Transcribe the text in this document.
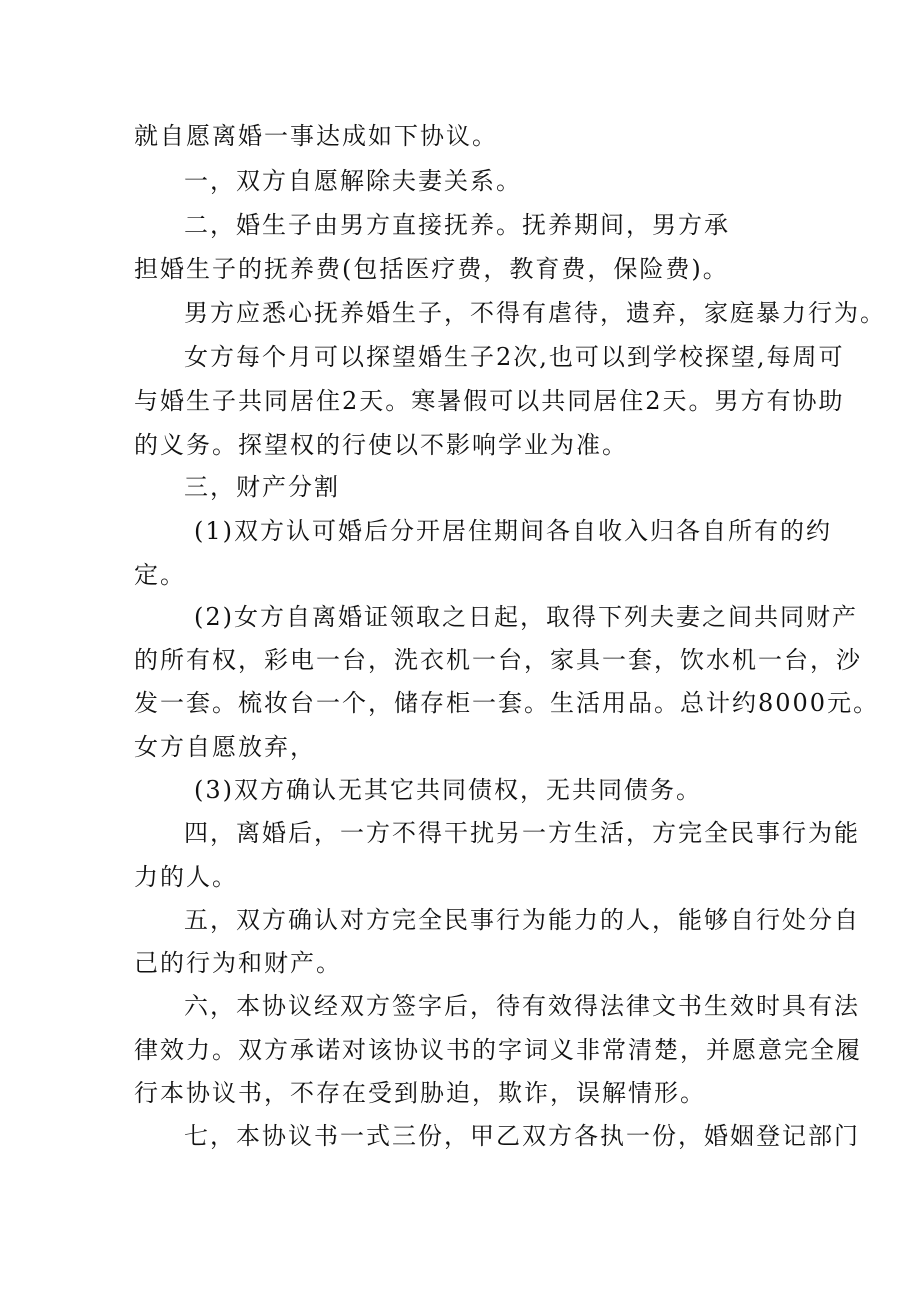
就自愿离婚一事达成如下协议。
一，双方自愿解除夫妻关系。
二，婚生子由男方直接抚养。抚养期间，男方承
担婚生子的抚养费(包括医疗费，教育费，保险费)。
男方应悉心抚养婚生子，不得有虐待，遗弃，家庭暴力行为。
女方每个月可以探望婚生子2次,也可以到学校探望,每周可
与婚生子共同居住2天。寒暑假可以共同居住2天。男方有协助
的义务。探望权的行使以不影响学业为准。
三，财产分割
(1)双方认可婚后分开居住期间各自收入归各自所有的约
定。
(2)女方自离婚证领取之日起，取得下列夫妻之间共同财产
的所有权，彩电一台，洗衣机一台，家具一套，饮水机一台，沙
发一套。梳妆台一个，储存柜一套。生活用品。总计约8000元。
女方自愿放弃，
(3)双方确认无其它共同债权，无共同债务。
四，离婚后，一方不得干扰另一方生活，方完全民事行为能
力的人。
五，双方确认对方完全民事行为能力的人，能够自行处分自
己的行为和财产。
六，本协议经双方签字后，待有效得法律文书生效时具有法
律效力。双方承诺对该协议书的字词义非常清楚，并愿意完全履
行本协议书，不存在受到胁迫，欺诈，误解情形。
七，本协议书一式三份，甲乙双方各执一份，婚姻登记部门
